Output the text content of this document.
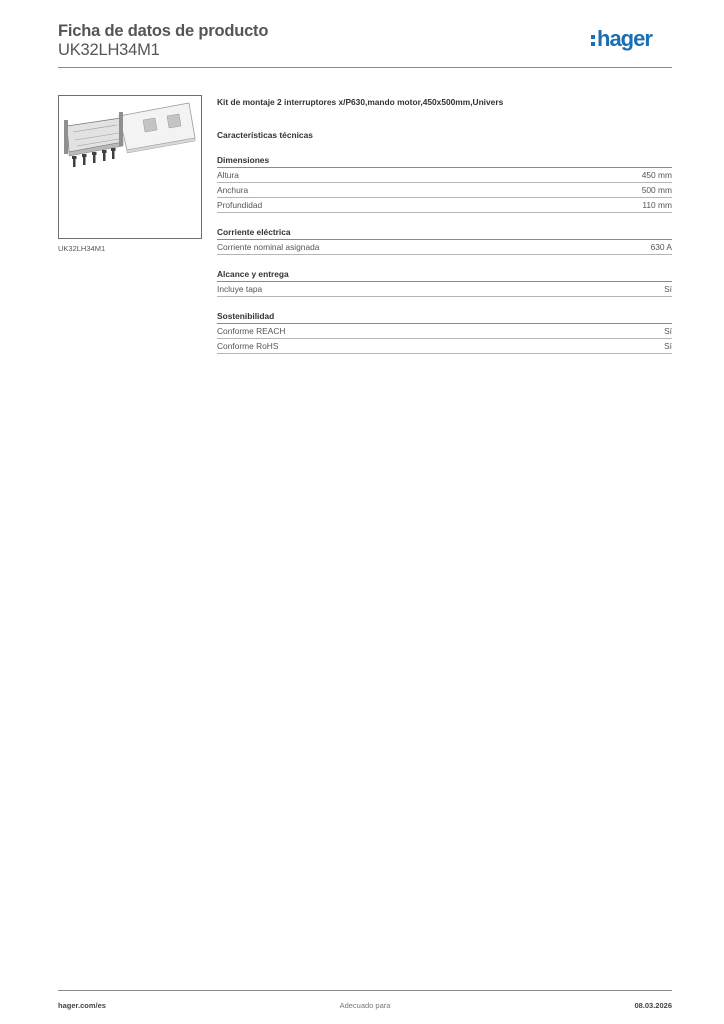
Ficha de datos de producto
UK32LH34M1	hager
UK32LH34M1
Kit de montaje 2 interruptores x/P630,mando motor,450x500mm,Univers
Características técnicas
Dimensiones
Altura	450 mm
Anchura	500 mm
Profundidad	110 mm
Corriente eléctrica
Corriente nominal asignada	630 A
Alcance y entrega
Incluye tapa	Sí
Sostenibilidad
Conforme REACH	Sí
Conforme RoHS	Sí
hager.com/es	Adecuado para	08.03.2026
